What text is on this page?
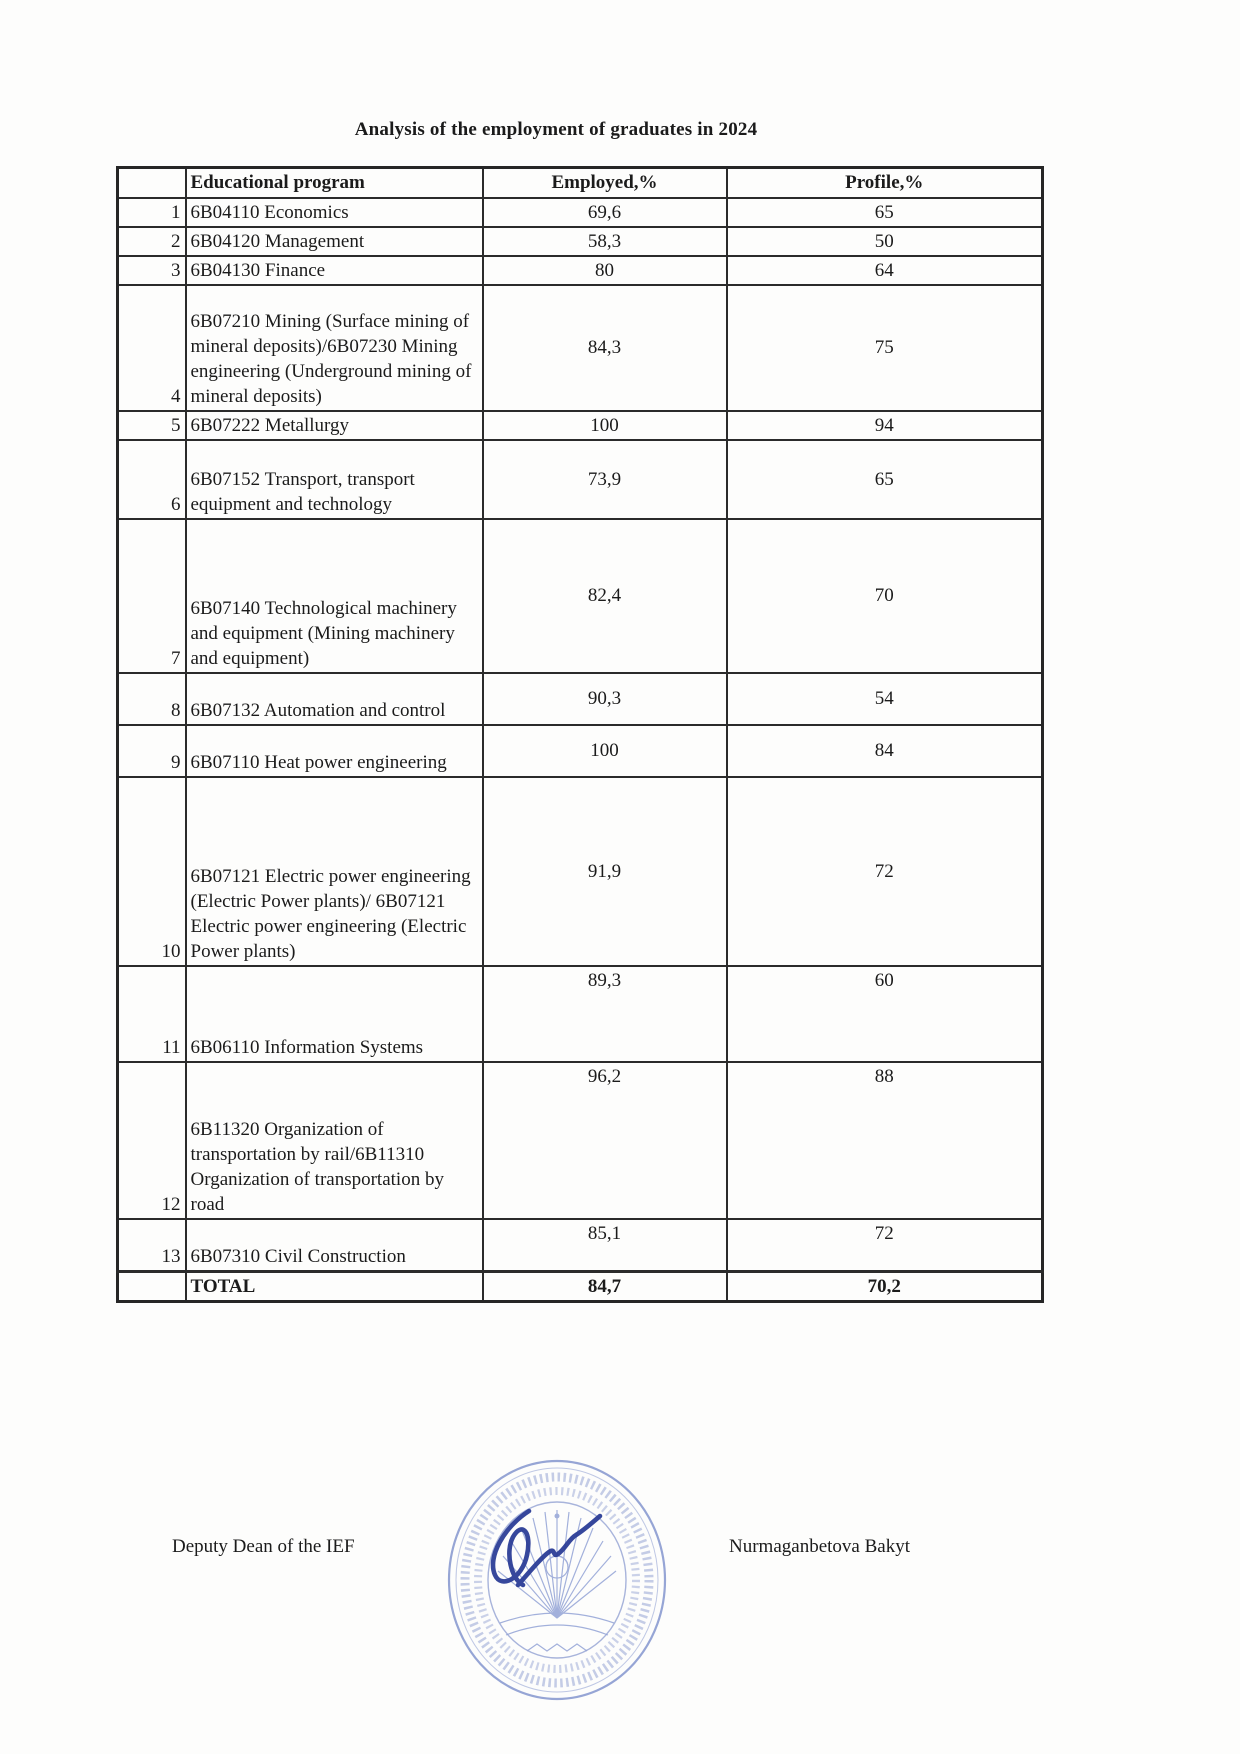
Analysis of the employment of graduates in 2024
	Educational program	Employed,%	Profile,%
1	6B04110 Economics	69,6	65
2	6B04120 Management	58,3	50
3	6B04130 Finance	80	64
4	6B07210 Mining (Surface mining of mineral deposits)/6B07230 Mining engineering (Underground mining of mineral deposits)	84,3	75
5	6B07222 Metallurgy	100	94
6	6B07152 Transport, transport equipment and technology	73,9	65
7	6B07140 Technological machinery and equipment (Mining machinery and equipment)	82,4	70
8	6B07132 Automation and control	90,3	54
9	6B07110 Heat power engineering	100	84
10	6B07121 Electric power engineering (Electric Power plants)/ 6B07121 Electric power engineering (Electric Power plants)	91,9	72
11	6B06110 Information Systems	89,3	60
12	6B11320 Organization of transportation by rail/6B11310 Organization of transportation by road	96,2	88
13	6B07310 Civil Construction	85,1	72
	TOTAL	84,7	70,2
Deputy Dean of the IEF	Nurmaganbetova Bakyt
